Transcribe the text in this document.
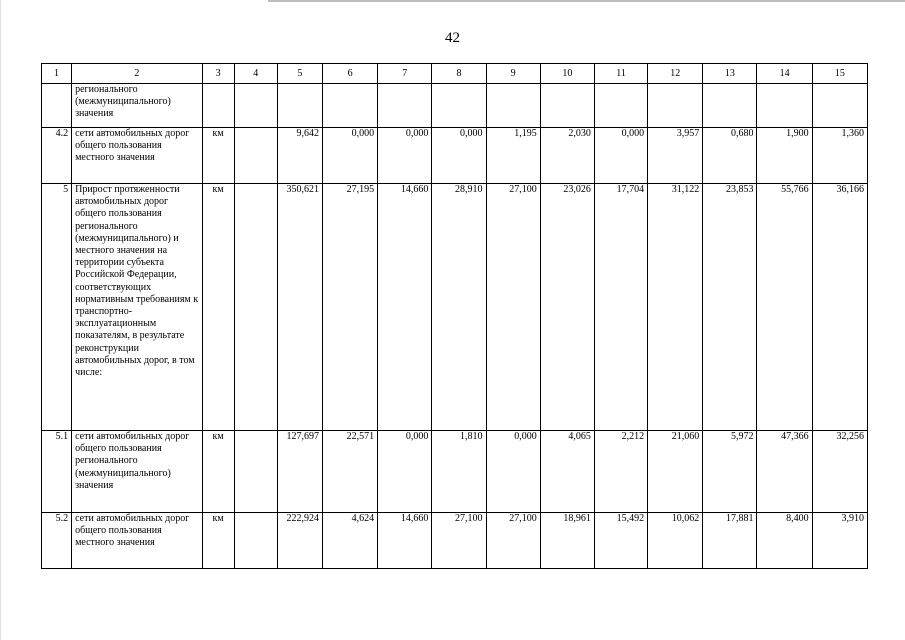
42
1	2	3	4	5	6	7	8	9	10	11	12	13	14	15
	регионального (межмуниципального) значения													
4.2	сети автомобильных дорог общего пользования местного значения	км		9,642	0,000	0,000	0,000	1,195	2,030	0,000	3,957	0,680	1,900	1,360
5	Прирост протяженности автомобильных дорог общего пользования регионального (межмуниципального) и местного значения на территории субъекта Российской Федерации, соответствующих нормативным требованиям к транспортно-эксплуатационным показателям, в результате реконструкции автомобильных дорог, в том числе:	км		350,621	27,195	14,660	28,910	27,100	23,026	17,704	31,122	23,853	55,766	36,166
5.1	сети автомобильных дорог общего пользования регионального (межмуниципального) значения	км		127,697	22,571	0,000	1,810	0,000	4,065	2,212	21,060	5,972	47,366	32,256
5.2	сети автомобильных дорог общего пользования местного значения	км		222,924	4,624	14,660	27,100	27,100	18,961	15,492	10,062	17,881	8,400	3,910
